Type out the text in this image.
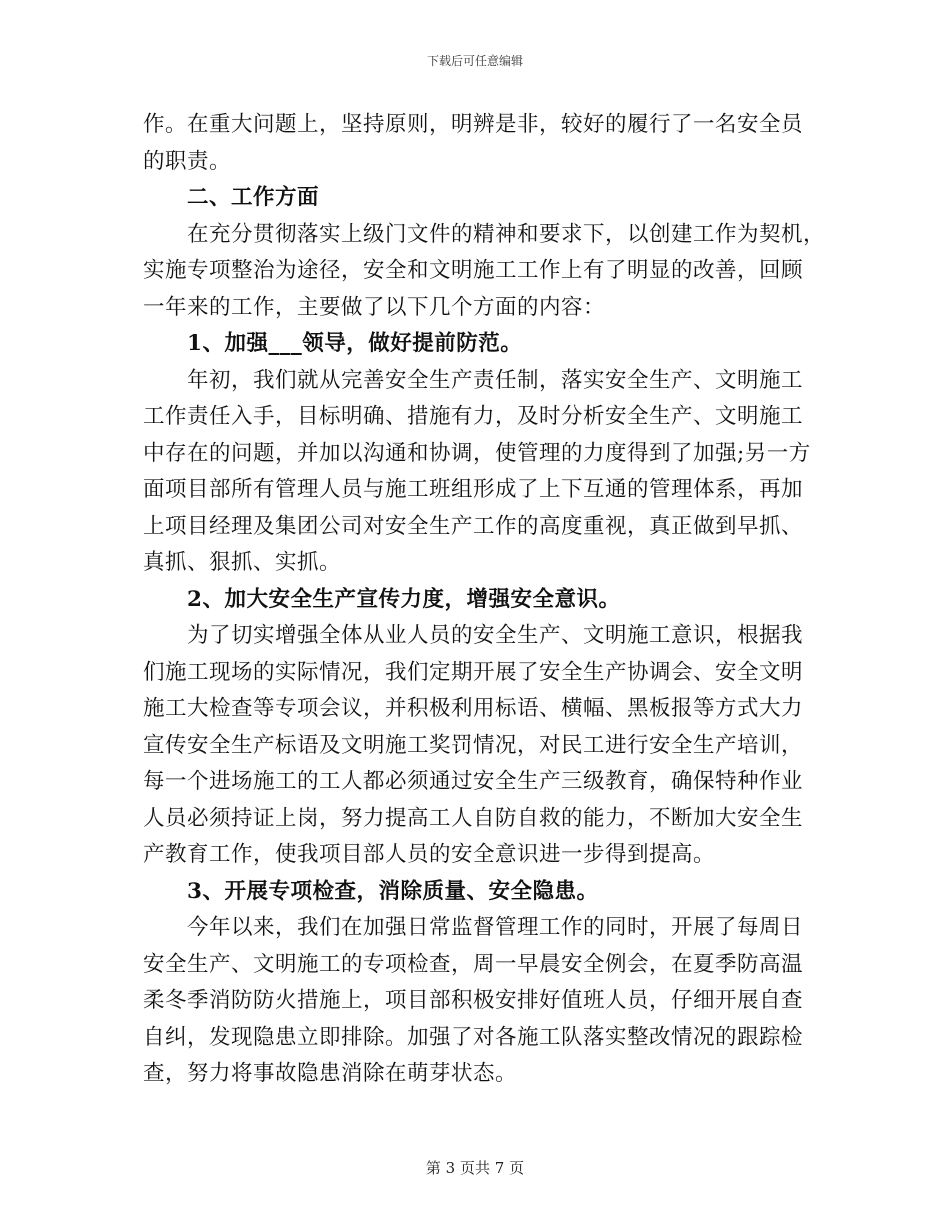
下载后可任意编辑
作。在重大问题上，坚持原则，明辨是非，较好的履行了一名安全员
的职责。
二、工作方面
在充分贯彻落实上级门文件的精神和要求下，以创建工作为契机，
实施专项整治为途径，安全和文明施工工作上有了明显的改善，回顾
一年来的工作，主要做了以下几个方面的内容：
1、加强___领导，做好提前防范。
年初，我们就从完善安全生产责任制，落实安全生产、文明施工
工作责任入手，目标明确、措施有力，及时分析安全生产、文明施工
中存在的问题，并加以沟通和协调，使管理的力度得到了加强;另一方
面项目部所有管理人员与施工班组形成了上下互通的管理体系，再加
上项目经理及集团公司对安全生产工作的高度重视，真正做到早抓、
真抓、狠抓、实抓。
2、加大安全生产宣传力度，增强安全意识。
为了切实增强全体从业人员的安全生产、文明施工意识，根据我
们施工现场的实际情况，我们定期开展了安全生产协调会、安全文明
施工大检查等专项会议，并积极利用标语、横幅、黑板报等方式大力
宣传安全生产标语及文明施工奖罚情况，对民工进行安全生产培训，
每一个进场施工的工人都必须通过安全生产三级教育，确保特种作业
人员必须持证上岗，努力提高工人自防自救的能力，不断加大安全生
产教育工作，使我项目部人员的安全意识进一步得到提高。
3、开展专项检查，消除质量、安全隐患。
今年以来，我们在加强日常监督管理工作的同时，开展了每周日
安全生产、文明施工的专项检查，周一早晨安全例会，在夏季防高温
柔冬季消防防火措施上，项目部积极安排好值班人员，仔细开展自查
自纠，发现隐患立即排除。加强了对各施工队落实整改情况的跟踪检
查，努力将事故隐患消除在萌芽状态。
第 3 页共 7 页
